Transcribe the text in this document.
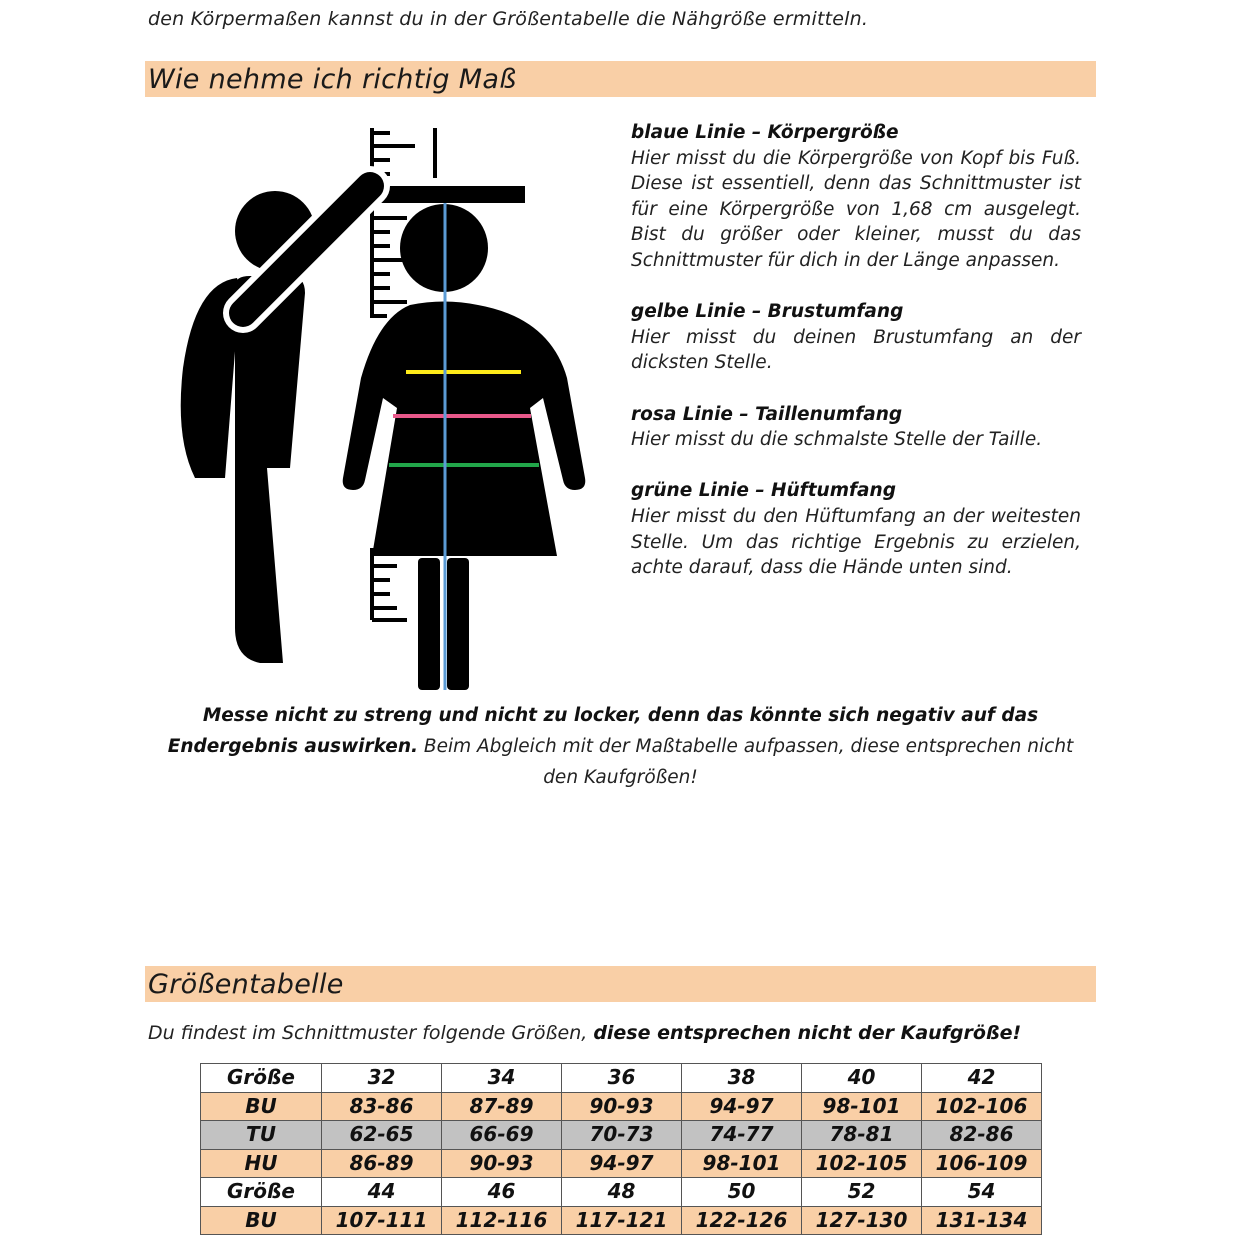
den Körpermaßen kannst du in der Größentabelle die Nähgröße ermitteln.
Wie nehme ich richtig Maß
blaue Linie – Körpergröße
Hier misst du die Körpergröße von Kopf bis Fuß. Diese ist essentiell, denn das Schnittmuster ist für eine Körpergröße von 1,68 cm ausgelegt. Bist du größer oder kleiner, musst du das Schnittmuster für dich in der Länge anpassen.
gelbe Linie – Brustumfang
Hier misst du deinen Brustumfang an der dicksten Stelle.
rosa Linie – Taillenumfang
Hier misst du die schmalste Stelle der Taille.
grüne Linie – Hüftumfang
Hier misst du den Hüftumfang an der weitesten Stelle. Um das richtige Ergebnis zu erzielen, achte darauf, dass die Hände unten sind.
Messe nicht zu streng und nicht zu locker, denn das könnte sich negativ auf das Endergebnis auswirken. Beim Abgleich mit der Maßtabelle aufpassen, diese entsprechen nicht den Kaufgrößen!
Größentabelle
Du findest im Schnittmuster folgende Größen, diese entsprechen nicht der Kaufgröße!
Größe	32	34	36	38	40	42
BU	83-86	87-89	90-93	94-97	98-101	102-106
TU	62-65	66-69	70-73	74-77	78-81	82-86
HU	86-89	90-93	94-97	98-101	102-105	106-109
Größe	44	46	48	50	52	54
BU	107-111	112-116	117-121	122-126	127-130	131-134
